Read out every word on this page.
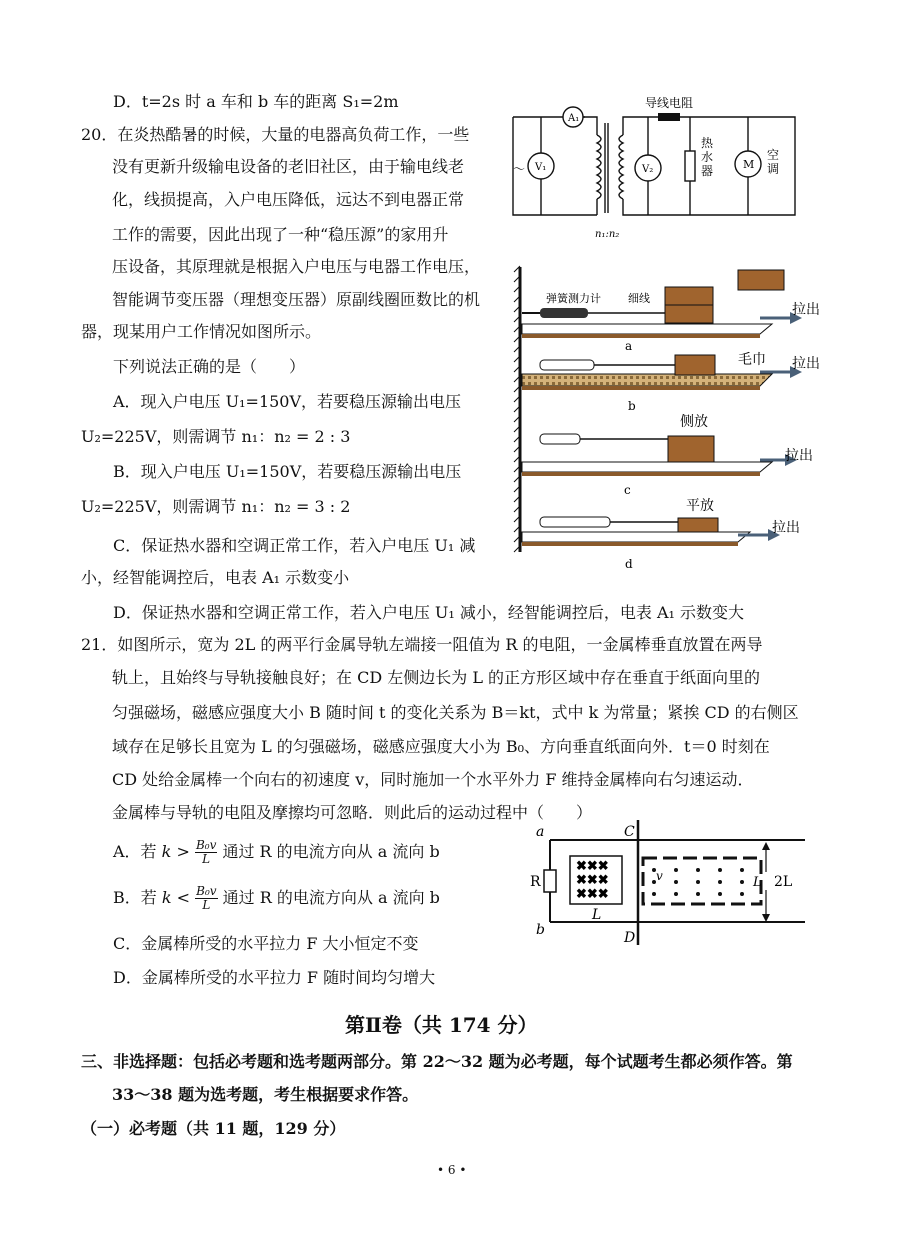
D．t=2s 时 a 车和 b 车的距离 S₁=2m
20．在炎热酷暑的时候，大量的电器高负荷工作，一些
没有更新升级输电设备的老旧社区，由于输电线老
化，线损提高，入户电压降低，远达不到电器正常
工作的需要，因此出现了一种“稳压源”的家用升
压设备，其原理就是根据入户电压与电器工作电压，
智能调节变压器（理想变压器）原副线圈匝数比的机
器，现某用户工作情况如图所示。
下列说法正确的是（　　）
A．现入户电压 U₁=150V，若要稳压源输出电压
U₂=225V，则需调节 n₁：n₂ = 2 : 3
B．现入户电压 U₁=150V，若要稳压源输出电压
U₂=225V，则需调节 n₁：n₂ = 3 : 2
C．保证热水器和空调正常工作，若入户电压 U₁ 减
小，经智能调控后，电表 A₁ 示数变小
D．保证热水器和空调正常工作，若入户电压 U₁ 减小，经智能调控后，电表 A₁ 示数变大
导线电阻
A₁
V₁	V₂	M
～
n₁:n₂
热水器
空调
弹簧测力计 细线
拉出
a
毛巾 拉出
b
侧放
拉出
c
平放
拉出
d
21．如图所示，宽为 2L 的两平行金属导轨左端接一阻值为 R 的电阻，一金属棒垂直放置在两导
轨上，且始终与导轨接触良好；在 CD 左侧边长为 L 的正方形区域中存在垂直于纸面向里的
匀强磁场，磁感应强度大小 B 随时间 t 的变化关系为 B＝kt，式中 k 为常量；紧挨 CD 的右侧区
域存在足够长且宽为 L 的匀强磁场，磁感应强度大小为 B₀、方向垂直纸面向外．t＝0 时刻在
CD 处给金属棒一个向右的初速度 v，同时施加一个水平外力 F 维持金属棒向右匀速运动．
金属棒与导轨的电阻及摩擦均可忽略．则此后的运动过程中（　　）
A．若 $k > \frac{\text{B₀v}}{L}$ 通过 R 的电流方向从 a 流向 b
B．若 $k < \frac{\text{B₀v}}{L}$ 通过 R 的电流方向从 a 流向 b
C．金属棒所受的水平拉力 F 大小恒定不变
D．金属棒所受的水平拉力 F 随时间均匀增大
✖✖✖
✖✖✖
✖✖✖
a
b
C
D
R
L
L 2L
v
第Ⅱ卷（共 174 分）
三、非选择题：包括必考题和选考题两部分。第 22～32 题为必考题，每个试题考生都必须作答。第
33～38 题为选考题，考生根据要求作答。
（一）必考题（共 11 题，129 分）
• 6 •
